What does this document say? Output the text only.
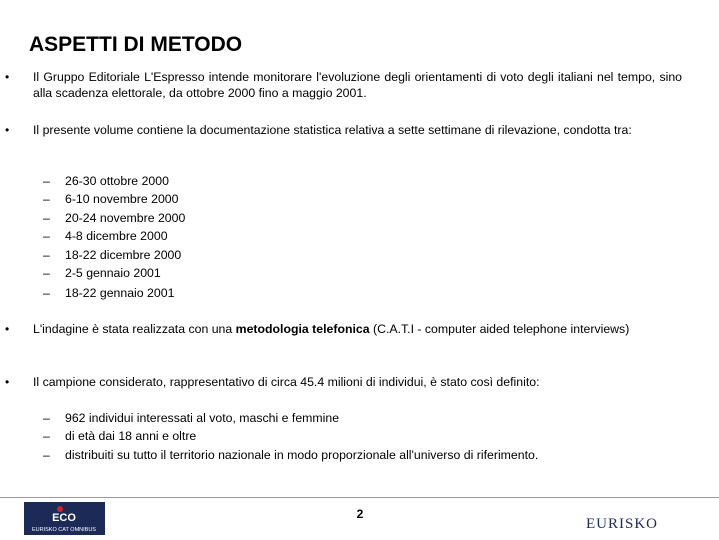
ASPETTI DI METODO
• Il Gruppo Editoriale L'Espresso intende monitorare l'evoluzione degli orientamenti di voto degli italiani nel tempo, sino alla scadenza elettorale, da ottobre 2000 fino a maggio 2001.

• Il presente volume contiene la documentazione statistica relativa a sette settimane di rilevazione, condotta tra:

– 26-30 ottobre 2000
– 6-10 novembre 2000
– 20-24 novembre 2000
– 4-8 dicembre 2000
– 18-22 dicembre 2000
– 2-5 gennaio 2001
– 18-22 gennaio 2001
• L'indagine è stata realizzata con una metodologia telefonica (C.A.T.I - computer aided telephone interviews)

• Il campione considerato, rappresentativo di circa 45.4 milioni di individui, è stato così definito:

– 962 individui interessati al voto, maschi e femmine
– di età dai 18 anni e oltre
– distribuiti su tutto il territorio nazionale in modo proporzionale all'universo di riferimento.
ECO
EURISKO CAT OMNIBUS
2
EURISKO
